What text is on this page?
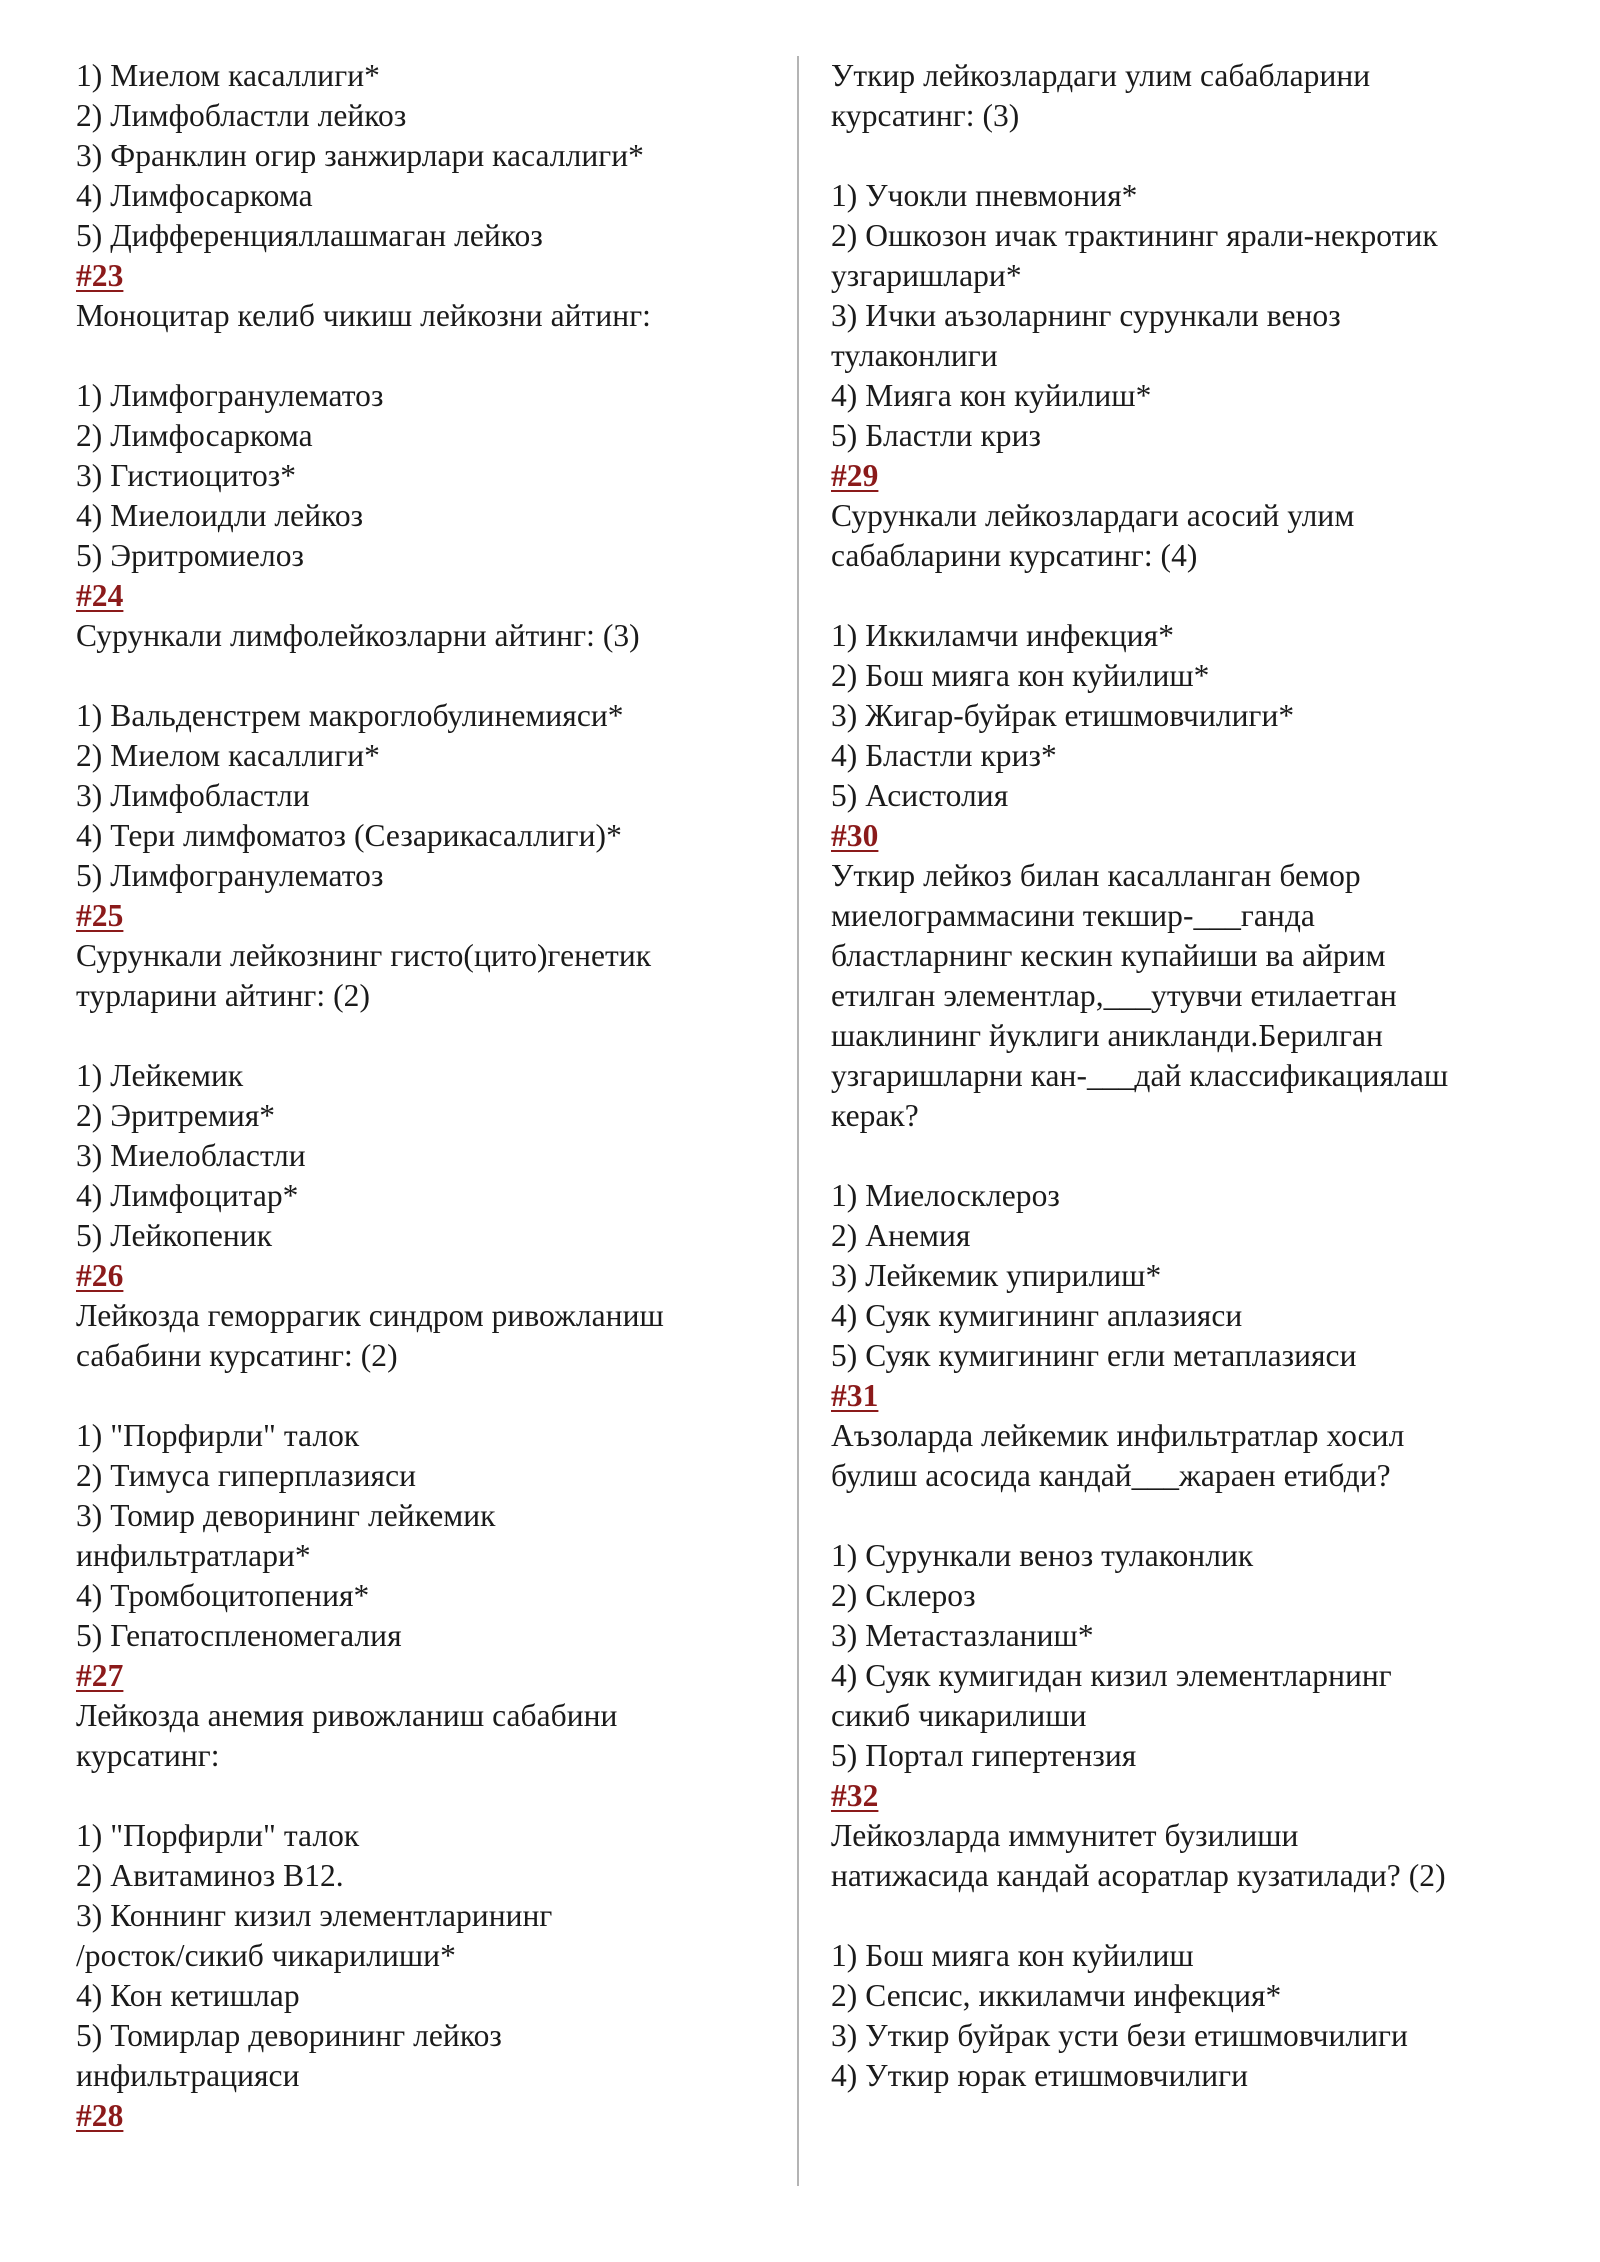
1) Миелом касаллиги*
2) Лимфобластли лейкоз
3) Франклин огир занжирлари касаллиги*
4) Лимфосаркома
5) Дифференцияллашмаган лейкоз
#23
Моноцитар келиб чикиш лейкозни айтинг:
1) Лимфогранулематоз
2) Лимфосаркома
3) Гистиоцитоз*
4) Миелоидли лейкоз
5) Эритромиелоз
#24
Сурункали лимфолейкозларни айтинг: (3)
1) Вальденстрем макроглобулинемияси*
2) Миелом касаллиги*
3) Лимфобластли
4) Тери лимфоматоз (Сезарикасаллиги)*
5) Лимфогранулематоз
#25
Сурункали лейкознинг гисто(цито)генетик
турларини айтинг: (2)
1) Лейкемик
2) Эритремия*
3) Миелобластли
4) Лимфоцитар*
5) Лейкопеник
#26
Лейкозда геморрагик синдром ривожланиш
сабабини курсатинг: (2)
1) "Порфирли" талок
2) Тимуса гиперплазияси
3) Томир деворининг лейкемик
инфильтратлари*
4) Тромбоцитопения*
5) Гепатоспленомегалия
#27
Лейкозда анемия ривожланиш сабабини
курсатинг:
1) "Порфирли" талок
2) Авитаминоз В12.
3) Коннинг кизил элементларининг
/росток/сикиб чикарилиши*
4) Кон кетишлар
5) Томирлар деворининг лейкоз
инфильтрацияси
#28
Уткир лейкозлардаги улим сабабларини
курсатинг: (3)
1) Учокли пневмония*
2) Ошкозон ичак трактининг ярали-некротик
узгаришлари*
3) Ички аъзоларнинг сурункали веноз
тулаконлиги
4) Мияга кон куйилиш*
5) Бластли криз
#29
Сурункали лейкозлардаги асосий улим
сабабларини курсатинг: (4)
1) Иккиламчи инфекция*
2) Бош мияга кон куйилиш*
3) Жигар-буйрак етишмовчилиги*
4) Бластли криз*
5) Асистолия
#30
Уткир лейкоз билан касалланган бемор
миелограммасини текшир-___ганда
бластларнинг кескин купайиши ва айрим
етилган элементлар,___утувчи етилаетган
шаклининг йуклиги аникланди.Берилган
узгаришларни кан-___дай классификациялаш
керак?
1) Миелосклероз
2) Анемия
3) Лейкемик упирилиш*
4) Суяк кумигининг аплазияси
5) Суяк кумигининг егли метаплазияси
#31
Аъзоларда лейкемик инфильтратлар хосил
булиш асосида кандай___жараен етибди?
1) Сурункали веноз тулаконлик
2) Склероз
3) Метастазланиш*
4) Суяк кумигидан кизил элементларнинг
сикиб чикарилиши
5) Портал гипертензия
#32
Лейкозларда иммунитет бузилиши
натижасида кандай асоратлар кузатилади? (2)
1) Бош мияга кон куйилиш
2) Сепсис, иккиламчи инфекция*
3) Уткир буйрак усти бези етишмовчилиги
4) Уткир юрак етишмовчилиги
